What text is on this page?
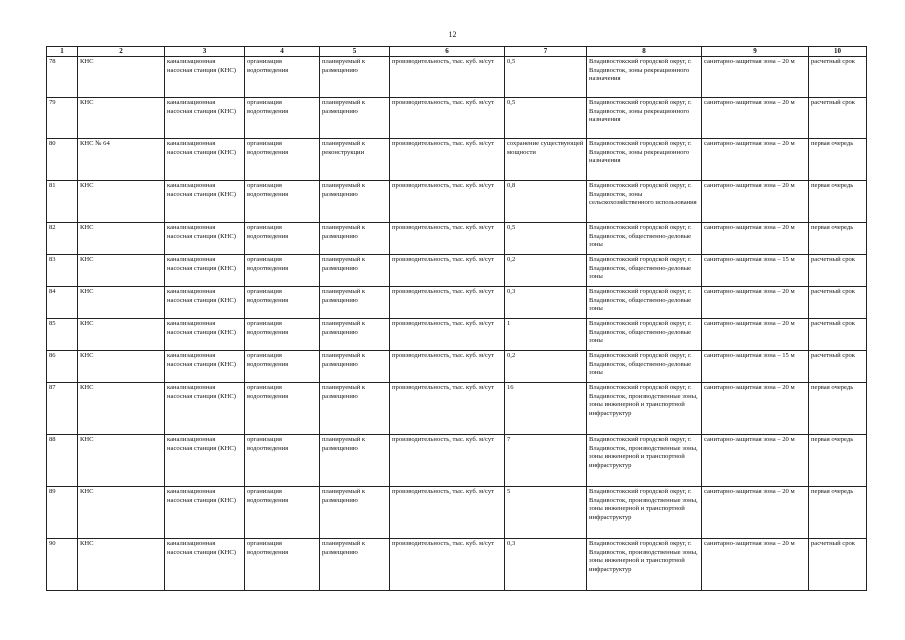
12
1	2	3	4	5	6	7	8	9	10
78	КНС	канализационная насосная станция (КНС)	организация водоотведения	планируемый к размещению	производительность, тыс. куб. м/сут	0,5	Владивостокский городской округ, г. Владивосток, зоны рекреационного назначения	санитарно-защитная зона – 20 м	расчетный срок
79	КНС	канализационная насосная станция (КНС)	организация водоотведения	планируемый к размещению	производительность, тыс. куб. м/сут	0,5	Владивостокский городской округ, г. Владивосток, зоны рекреационного назначения	санитарно-защитная зона – 20 м	расчетный срок
80	КНС № 64	канализационная насосная станция (КНС)	организация водоотведения	планируемый к реконструкции	производительность, тыс. куб. м/сут	сохранение существующей мощности	Владивостокский городской округ, г. Владивосток, зоны рекреационного назначения	санитарно-защитная зона – 20 м	первая очередь
81	КНС	канализационная насосная станция (КНС)	организация водоотведения	планируемый к размещению	производительность, тыс. куб. м/сут	0,8	Владивостокский городской округ, г. Владивосток, зоны сельскохозяйственного использования	санитарно-защитная зона – 20 м	первая очередь
82	КНС	канализационная насосная станция (КНС)	организация водоотведения	планируемый к размещению	производительность, тыс. куб. м/сут	0,5	Владивостокский городской округ, г. Владивосток, общественно-деловые зоны	санитарно-защитная зона – 20 м	первая очередь
83	КНС	канализационная насосная станция (КНС)	организация водоотведения	планируемый к размещению	производительность, тыс. куб. м/сут	0,2	Владивостокский городской округ, г. Владивосток, общественно-деловые зоны	санитарно-защитная зона – 15 м	расчетный срок
84	КНС	канализационная насосная станция (КНС)	организация водоотведения	планируемый к размещению	производительность, тыс. куб. м/сут	0,3	Владивостокский городской округ, г. Владивосток, общественно-деловые зоны	санитарно-защитная зона – 20 м	расчетный срок
85	КНС	канализационная насосная станция (КНС)	организация водоотведения	планируемый к размещению	производительность, тыс. куб. м/сут	1	Владивостокский городской округ, г. Владивосток, общественно-деловые зоны	санитарно-защитная зона – 20 м	расчетный срок
86	КНС	канализационная насосная станция (КНС)	организация водоотведения	планируемый к размещению	производительность, тыс. куб. м/сут	0,2	Владивостокский городской округ, г. Владивосток, общественно-деловые зоны	санитарно-защитная зона – 15 м	расчетный срок
87	КНС	канализационная насосная станция (КНС)	организация водоотведения	планируемый к размещению	производительность, тыс. куб. м/сут	16	Владивостокский городской округ, г. Владивосток, производственные зоны, зоны инженерной и транспортной инфраструктур	санитарно-защитная зона – 20 м	первая очередь
88	КНС	канализационная насосная станция (КНС)	организация водоотведения	планируемый к размещению	производительность, тыс. куб. м/сут	7	Владивостокский городской округ, г. Владивосток, производственные зоны, зоны инженерной и транспортной инфраструктур	санитарно-защитная зона – 20 м	первая очередь
89	КНС	канализационная насосная станция (КНС)	организация водоотведения	планируемый к размещению	производительность, тыс. куб. м/сут	5	Владивостокский городской округ, г. Владивосток, производственные зоны, зоны инженерной и транспортной инфраструктур	санитарно-защитная зона – 20 м	первая очередь
90	КНС	канализационная насосная станция (КНС)	организация водоотведения	планируемый к размещению	производительность, тыс. куб. м/сут	0,3	Владивостокский городской округ, г. Владивосток, производственные зоны, зоны инженерной и транспортной инфраструктур	санитарно-защитная зона – 20 м	расчетный срок
